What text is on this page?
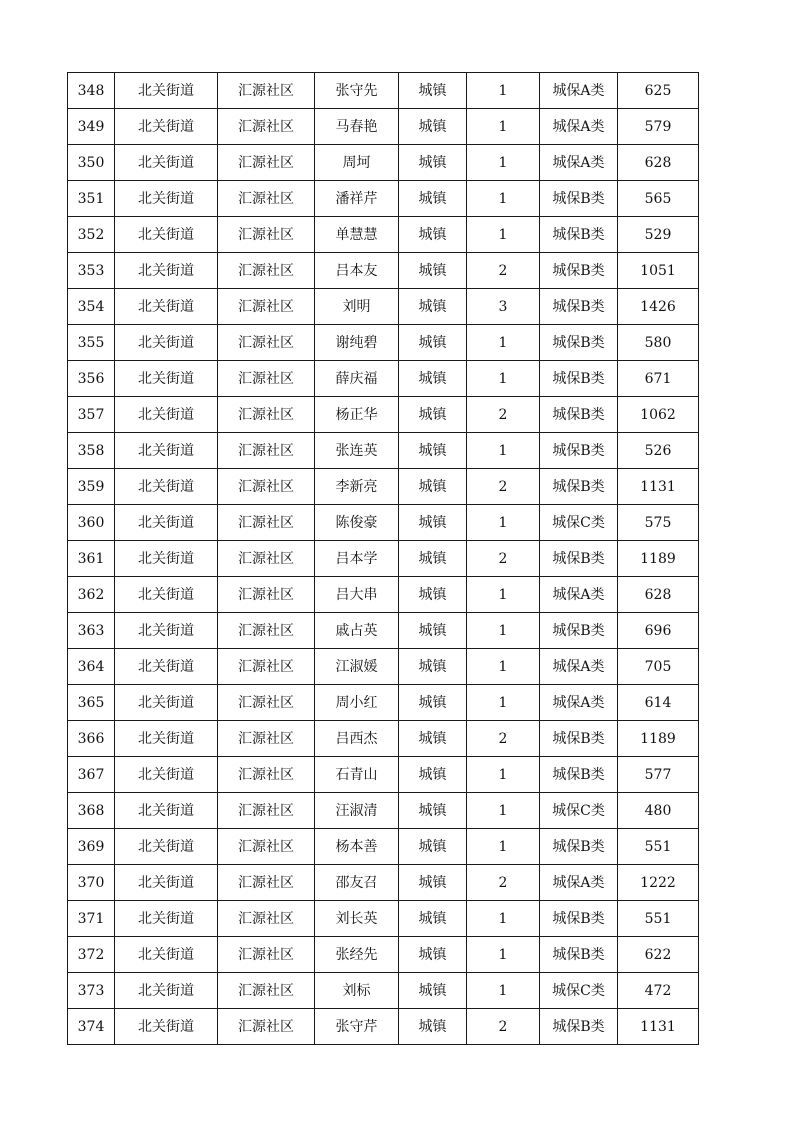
348	北关街道	汇源社区	张守先	城镇	1	城保A类	625
349	北关街道	汇源社区	马春艳	城镇	1	城保A类	579
350	北关街道	汇源社区	周坷	城镇	1	城保A类	628
351	北关街道	汇源社区	潘祥芹	城镇	1	城保B类	565
352	北关街道	汇源社区	单慧慧	城镇	1	城保B类	529
353	北关街道	汇源社区	吕本友	城镇	2	城保B类	1051
354	北关街道	汇源社区	刘明	城镇	3	城保B类	1426
355	北关街道	汇源社区	谢纯碧	城镇	1	城保B类	580
356	北关街道	汇源社区	薛庆福	城镇	1	城保B类	671
357	北关街道	汇源社区	杨正华	城镇	2	城保B类	1062
358	北关街道	汇源社区	张连英	城镇	1	城保B类	526
359	北关街道	汇源社区	李新亮	城镇	2	城保B类	1131
360	北关街道	汇源社区	陈俊豪	城镇	1	城保C类	575
361	北关街道	汇源社区	吕本学	城镇	2	城保B类	1189
362	北关街道	汇源社区	吕大串	城镇	1	城保A类	628
363	北关街道	汇源社区	戚占英	城镇	1	城保B类	696
364	北关街道	汇源社区	江淑媛	城镇	1	城保A类	705
365	北关街道	汇源社区	周小红	城镇	1	城保A类	614
366	北关街道	汇源社区	吕西杰	城镇	2	城保B类	1189
367	北关街道	汇源社区	石青山	城镇	1	城保B类	577
368	北关街道	汇源社区	汪淑清	城镇	1	城保C类	480
369	北关街道	汇源社区	杨本善	城镇	1	城保B类	551
370	北关街道	汇源社区	邵友召	城镇	2	城保A类	1222
371	北关街道	汇源社区	刘长英	城镇	1	城保B类	551
372	北关街道	汇源社区	张经先	城镇	1	城保B类	622
373	北关街道	汇源社区	刘标	城镇	1	城保C类	472
374	北关街道	汇源社区	张守芹	城镇	2	城保B类	1131
